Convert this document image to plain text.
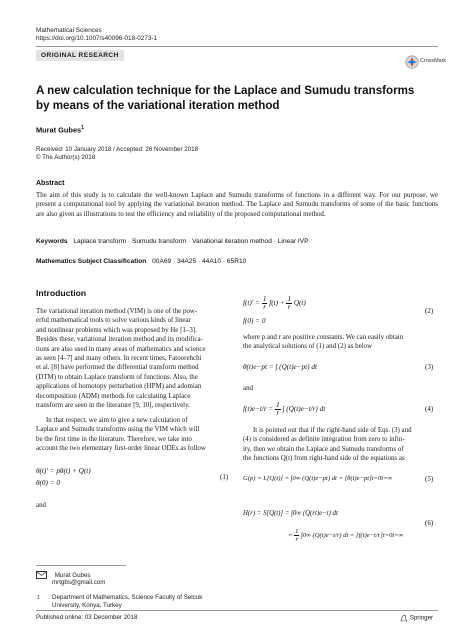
Mathematical Sciences
https://doi.org/10.1007/s40096-018-0273-1
ORIGINAL RESEARCH
CrossMark
A new calculation technique for the Laplace and Sumudu transforms
by means of the variational iteration method
Murat Gubes$^1$
Received: 10 January 2018 / Accepted: 26 November 2018
© The Author(s) 2018
Abstract
The aim of this study is to calculate the well-known Laplace and Sumudu transforms of functions in a different way. For our purpose, we present a computational tool by applying the variational iteration method. The Laplace and Sumudu transforms of some of the basic functions are also given as illustrations to test the efficiency and reliability of the proposed computational method.
Keywords Laplace transform · Sumudu transform · Variational iteration method · Linear IVP
Mathematics Subject Classification 00A69 · 34A25 · 44A10 · 65R10
Introduction
The variational iteration method (VIM) is one of the pow-
erful mathematical tools to solve various kinds of linear
and nonlinear problems which was proposed by He [1–3].
Besides these, variational iteration method and its modifica-
tions are also used in many areas of mathematics and science
as seen [4–7] and many others. In recent times, Fatoorehchi
et al. [8] have performed the differential transform method
(DTM) to obtain Laplace transform of functions. Also, the
applications of homotopy perturbation (HPM) and adomian
decomposition (ADM) methods for calculating Laplace
transform are seen in the literature [9, 10], respectively.
In that respect, we aim to give a new calculation of
Laplace and Sumudu transforms using the VIM which will
be the first time in the literature. Therefore, we take into
account the two elementary first-order linear ODEs as follow
θ(t)′ = pθ(t) + Q(t)
θ(0) = 0
(1)
and
Murat Gubes
mrtgbs@gmail.com
1 Department of Mathematics, Science Faculty of Selcuk
University, Konya, Turkey
$f(t)' = \frac{1}{r} f(t) + \frac{1}{r} Q(t)$
f(0) = 0
(2)
where p and r are positive constants. We can easily obtain
the analytical solutions of (1) and (2) as below
θ(t)e−pt = ∫ (Q(t)e−pt) dt	(3)
and
$f(t)e-t/r = \frac{1}{r}$ ∫ (Q(t)e−t/r) dt	(4)
It is pointed out that if the right-hand side of Eqs. (3) and
(4) is considered as definite integration from zero to infin-
ity, then we obtain the Laplace and Sumudu transforms of
the functions Q(t) from right-hand side of the equations as
G(p) = L[Q(t)] = ∫0∞ (Q(t)e−pt) dt = [θ(t)e−pt]t=0t=∞	(5)
H(r) = S[Q(t)] = ∫0∞ (Q(rt)e−t) dt
= $\frac{1}{r} \int 0\infty$ (Q(t)e−t/r) dt = [f(t)e−t/r]t=0t=∞
(6)
Published online: 03 December 2018	Springer
